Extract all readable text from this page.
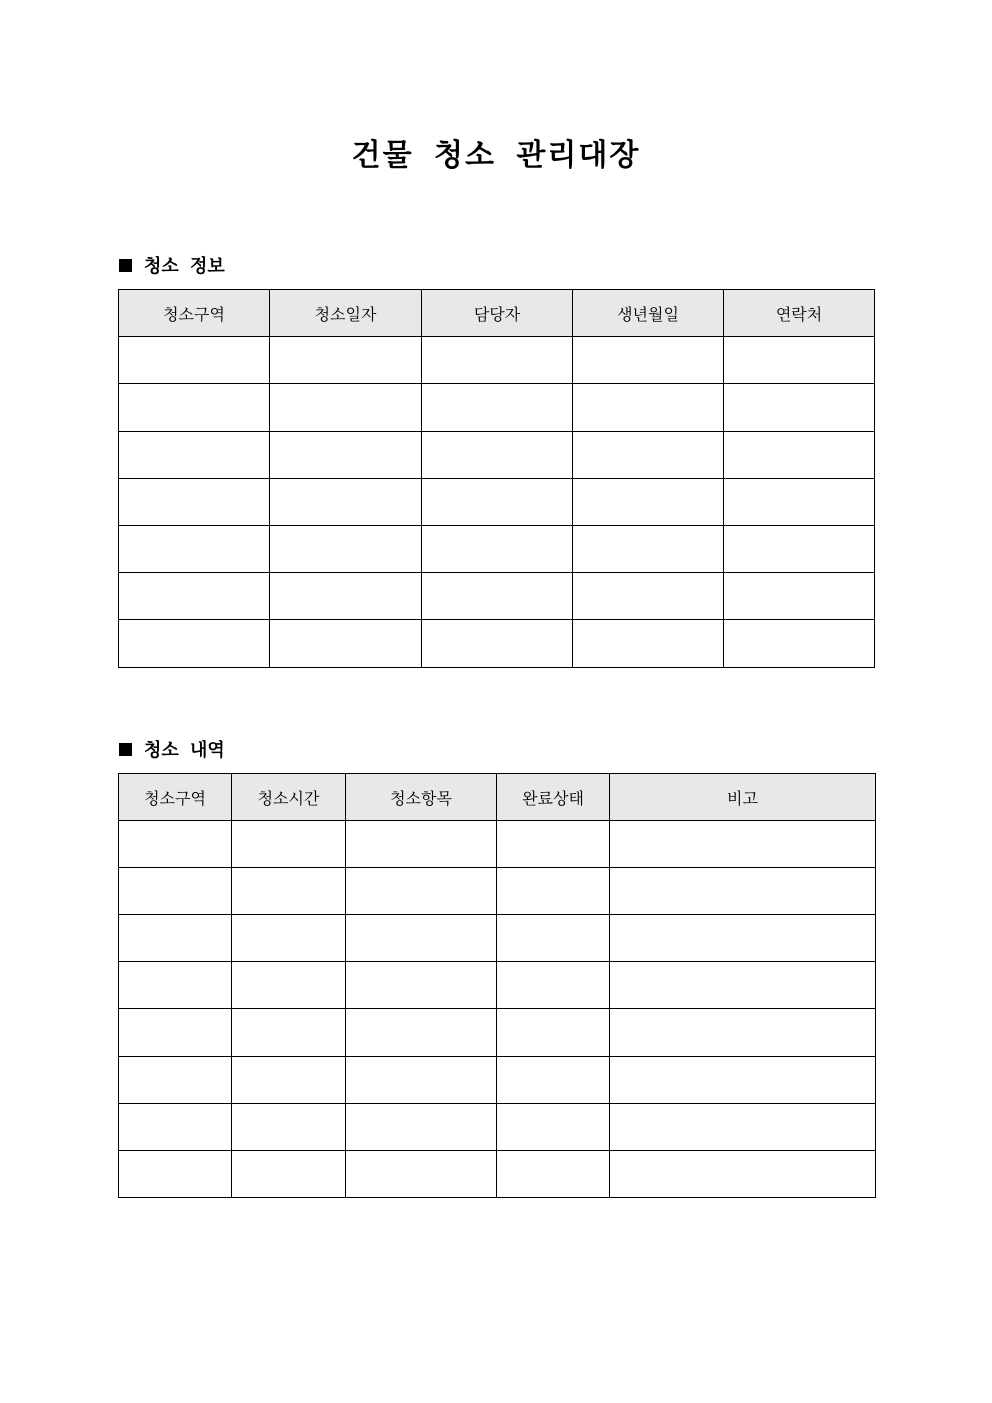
건물 청소 관리대장
청소 정보
청소구역	청소일자	담당자	생년월일	연락처

청소 내역
청소구역	청소시간	청소항목	완료상태	비고
